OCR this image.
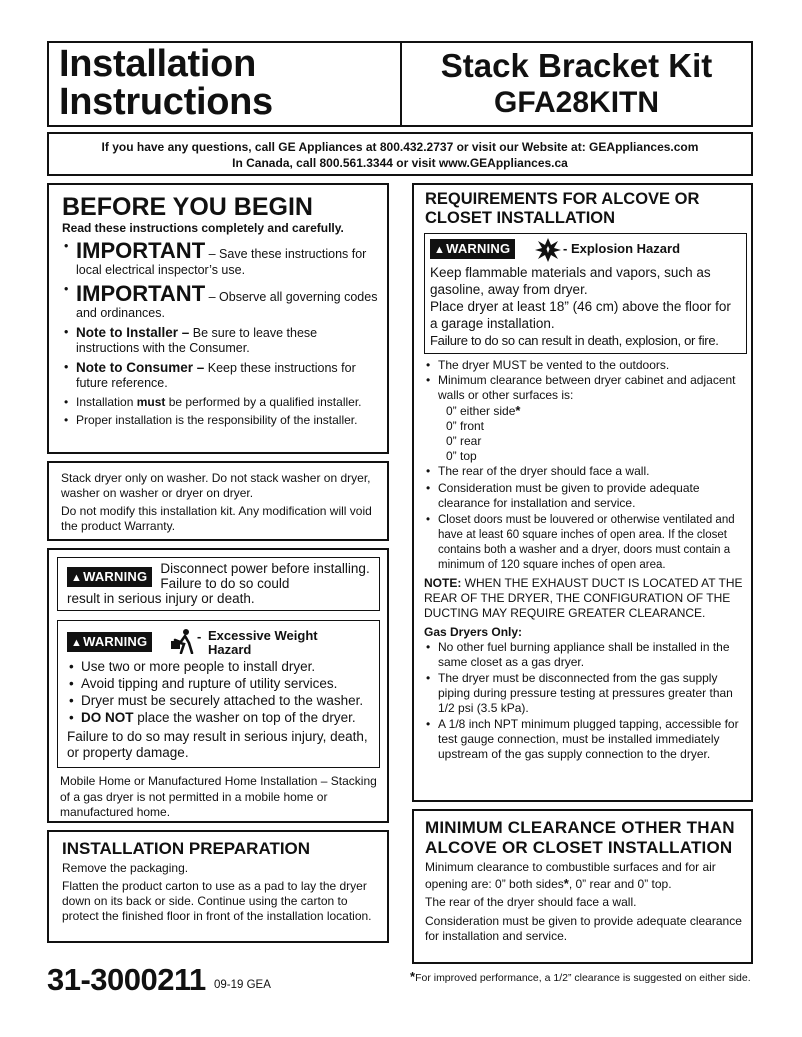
Installation
Instructions
Stack Bracket Kit
GFA28KITN
If you have any questions, call GE Appliances at 800.432.2737 or visit our Website at: GEAppliances.com
In Canada, call 800.561.3344 or visit www.GEAppliances.ca
BEFORE YOU BEGIN
Read these instructions completely and carefully.
• IMPORTANT – Save these instructions for local electrical inspector’s use.
• IMPORTANT – Observe all governing codes and ordinances.
• Note to Installer – Be sure to leave these instructions with the Consumer.
• Note to Consumer – Keep these instructions for future reference.
• Installation must be performed by a qualified installer.
• Proper installation is the responsibility of the installer.

Stack dryer only on washer. Do not stack washer on dryer, washer on washer or dryer on dryer.

Do not modify this installation kit. Any modification will void the product Warranty.

▲WARNING
Disconnect power before installing. Failure to do so could
result in serious injury or death.
▲WARNING	- Excessive Weight
Hazard
• Use two or more people to install dryer.
• Avoid tipping and rupture of utility services.
• Dryer must be securely attached to the washer.
• DO NOT place the washer on top of the dryer.

Failure to do so may result in serious injury, death, or property damage.

Mobile Home or Manufactured Home Installation – Stacking of a gas dryer is not permitted in a mobile home or manufactured home.

INSTALLATION PREPARATION

Remove the packaging.

Flatten the product carton to use as a pad to lay the dryer down on its back or side. Continue using the carton to protect the finished floor in front of the installation location.

31-3000211 09-19 GEA
*For improved performance, a 1/2” clearance is suggested on either side.
REQUIREMENTS FOR ALCOVE OR CLOSET INSTALLATION
▲WARNING	- Explosion Hazard

Keep flammable materials and vapors, such as gasoline, away from dryer.

Place dryer at least 18” (46 cm) above the floor for a garage installation.

Failure to do so can result in death, explosion, or fire.

• The dryer MUST be vented to the outdoors.
• Minimum clearance between dryer cabinet and adjacent walls or other surfaces is:
0” either side*
0” front
0” rear
0” top
• The rear of the dryer should face a wall.
• Consideration must be given to provide adequate clearance for installation and service.
• Closet doors must be louvered or otherwise ventilated and have at least 60 square inches of open area. If the closet contains both a washer and a dryer, doors must contain a minimum of 120 square inches of open area.

NOTE: WHEN THE EXHAUST DUCT IS LOCATED AT THE REAR OF THE DRYER, THE CONFIGURATION OF THE DUCTING MAY REQUIRE GREATER CLEARANCE.

Gas Dryers Only:

• No other fuel burning appliance shall be installed in the same closet as a gas dryer.
• The dryer must be disconnected from the gas supply piping during pressure testing at pressures greater than 1/2 psi (3.5 kPa).
• A 1/8 inch NPT minimum plugged tapping, accessible for test gauge connection, must be installed immediately upstream of the gas supply connection to the dryer.
MINIMUM CLEARANCE OTHER THAN ALCOVE OR CLOSET INSTALLATION

Minimum clearance to combustible surfaces and for air opening are: 0” both sides*, 0” rear and 0” top.

The rear of the dryer should face a wall.

Consideration must be given to provide adequate clearance for installation and service.
